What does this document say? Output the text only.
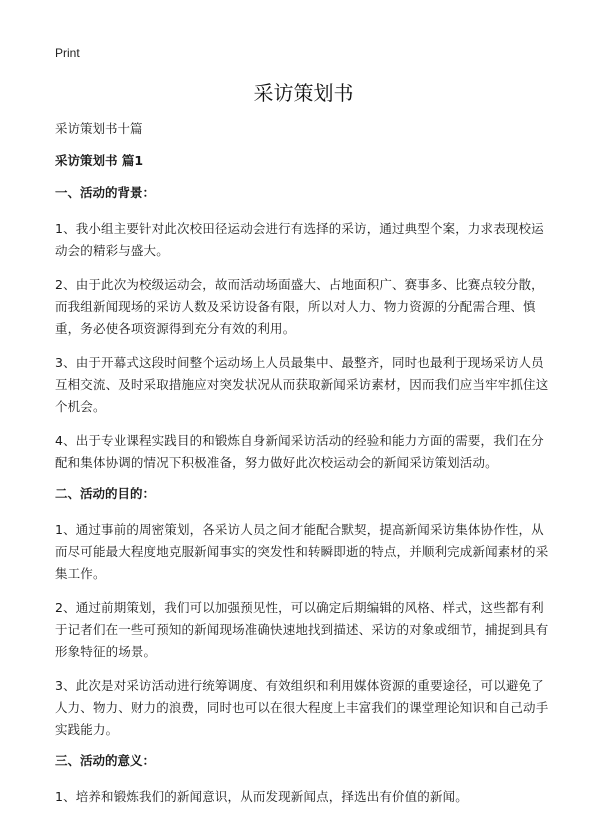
Print
采访策划书
采访策划书十篇
采访策划书 篇1
一、活动的背景：

1、我小组主要针对此次校田径运动会进行有选择的采访，通过典型个案，力求表现校运动会的精彩与盛大。

2、由于此次为校级运动会，故而活动场面盛大、占地面积广、赛事多、比赛点较分散，而我组新闻现场的采访人数及采访设备有限，所以对人力、物力资源的分配需合理、慎重，务必使各项资源得到充分有效的利用。

3、由于开幕式这段时间整个运动场上人员最集中、最整齐，同时也最利于现场采访人员互相交流、及时采取措施应对突发状况从而获取新闻采访素材，因而我们应当牢牢抓住这个机会。

4、出于专业课程实践目的和锻炼自身新闻采访活动的经验和能力方面的需要，我们在分配和集体协调的情况下积极准备，努力做好此次校运动会的新闻采访策划活动。

二、活动的目的：

1、通过事前的周密策划，各采访人员之间才能配合默契，提高新闻采访集体协作性，从而尽可能最大程度地克服新闻事实的突发性和转瞬即逝的特点，并顺利完成新闻素材的采集工作。

2、通过前期策划，我们可以加强预见性，可以确定后期编辑的风格、样式，这些都有利于记者们在一些可预知的新闻现场准确快速地找到描述、采访的对象或细节，捕捉到具有形象特征的场景。

3、此次是对采访活动进行统筹调度、有效组织和利用媒体资源的重要途径，可以避免了人力、物力、财力的浪费，同时也可以在很大程度上丰富我们的课堂理论知识和自己动手实践能力。

三、活动的意义：

1、培养和锻炼我们的新闻意识，从而发现新闻点，择选出有价值的新闻。
